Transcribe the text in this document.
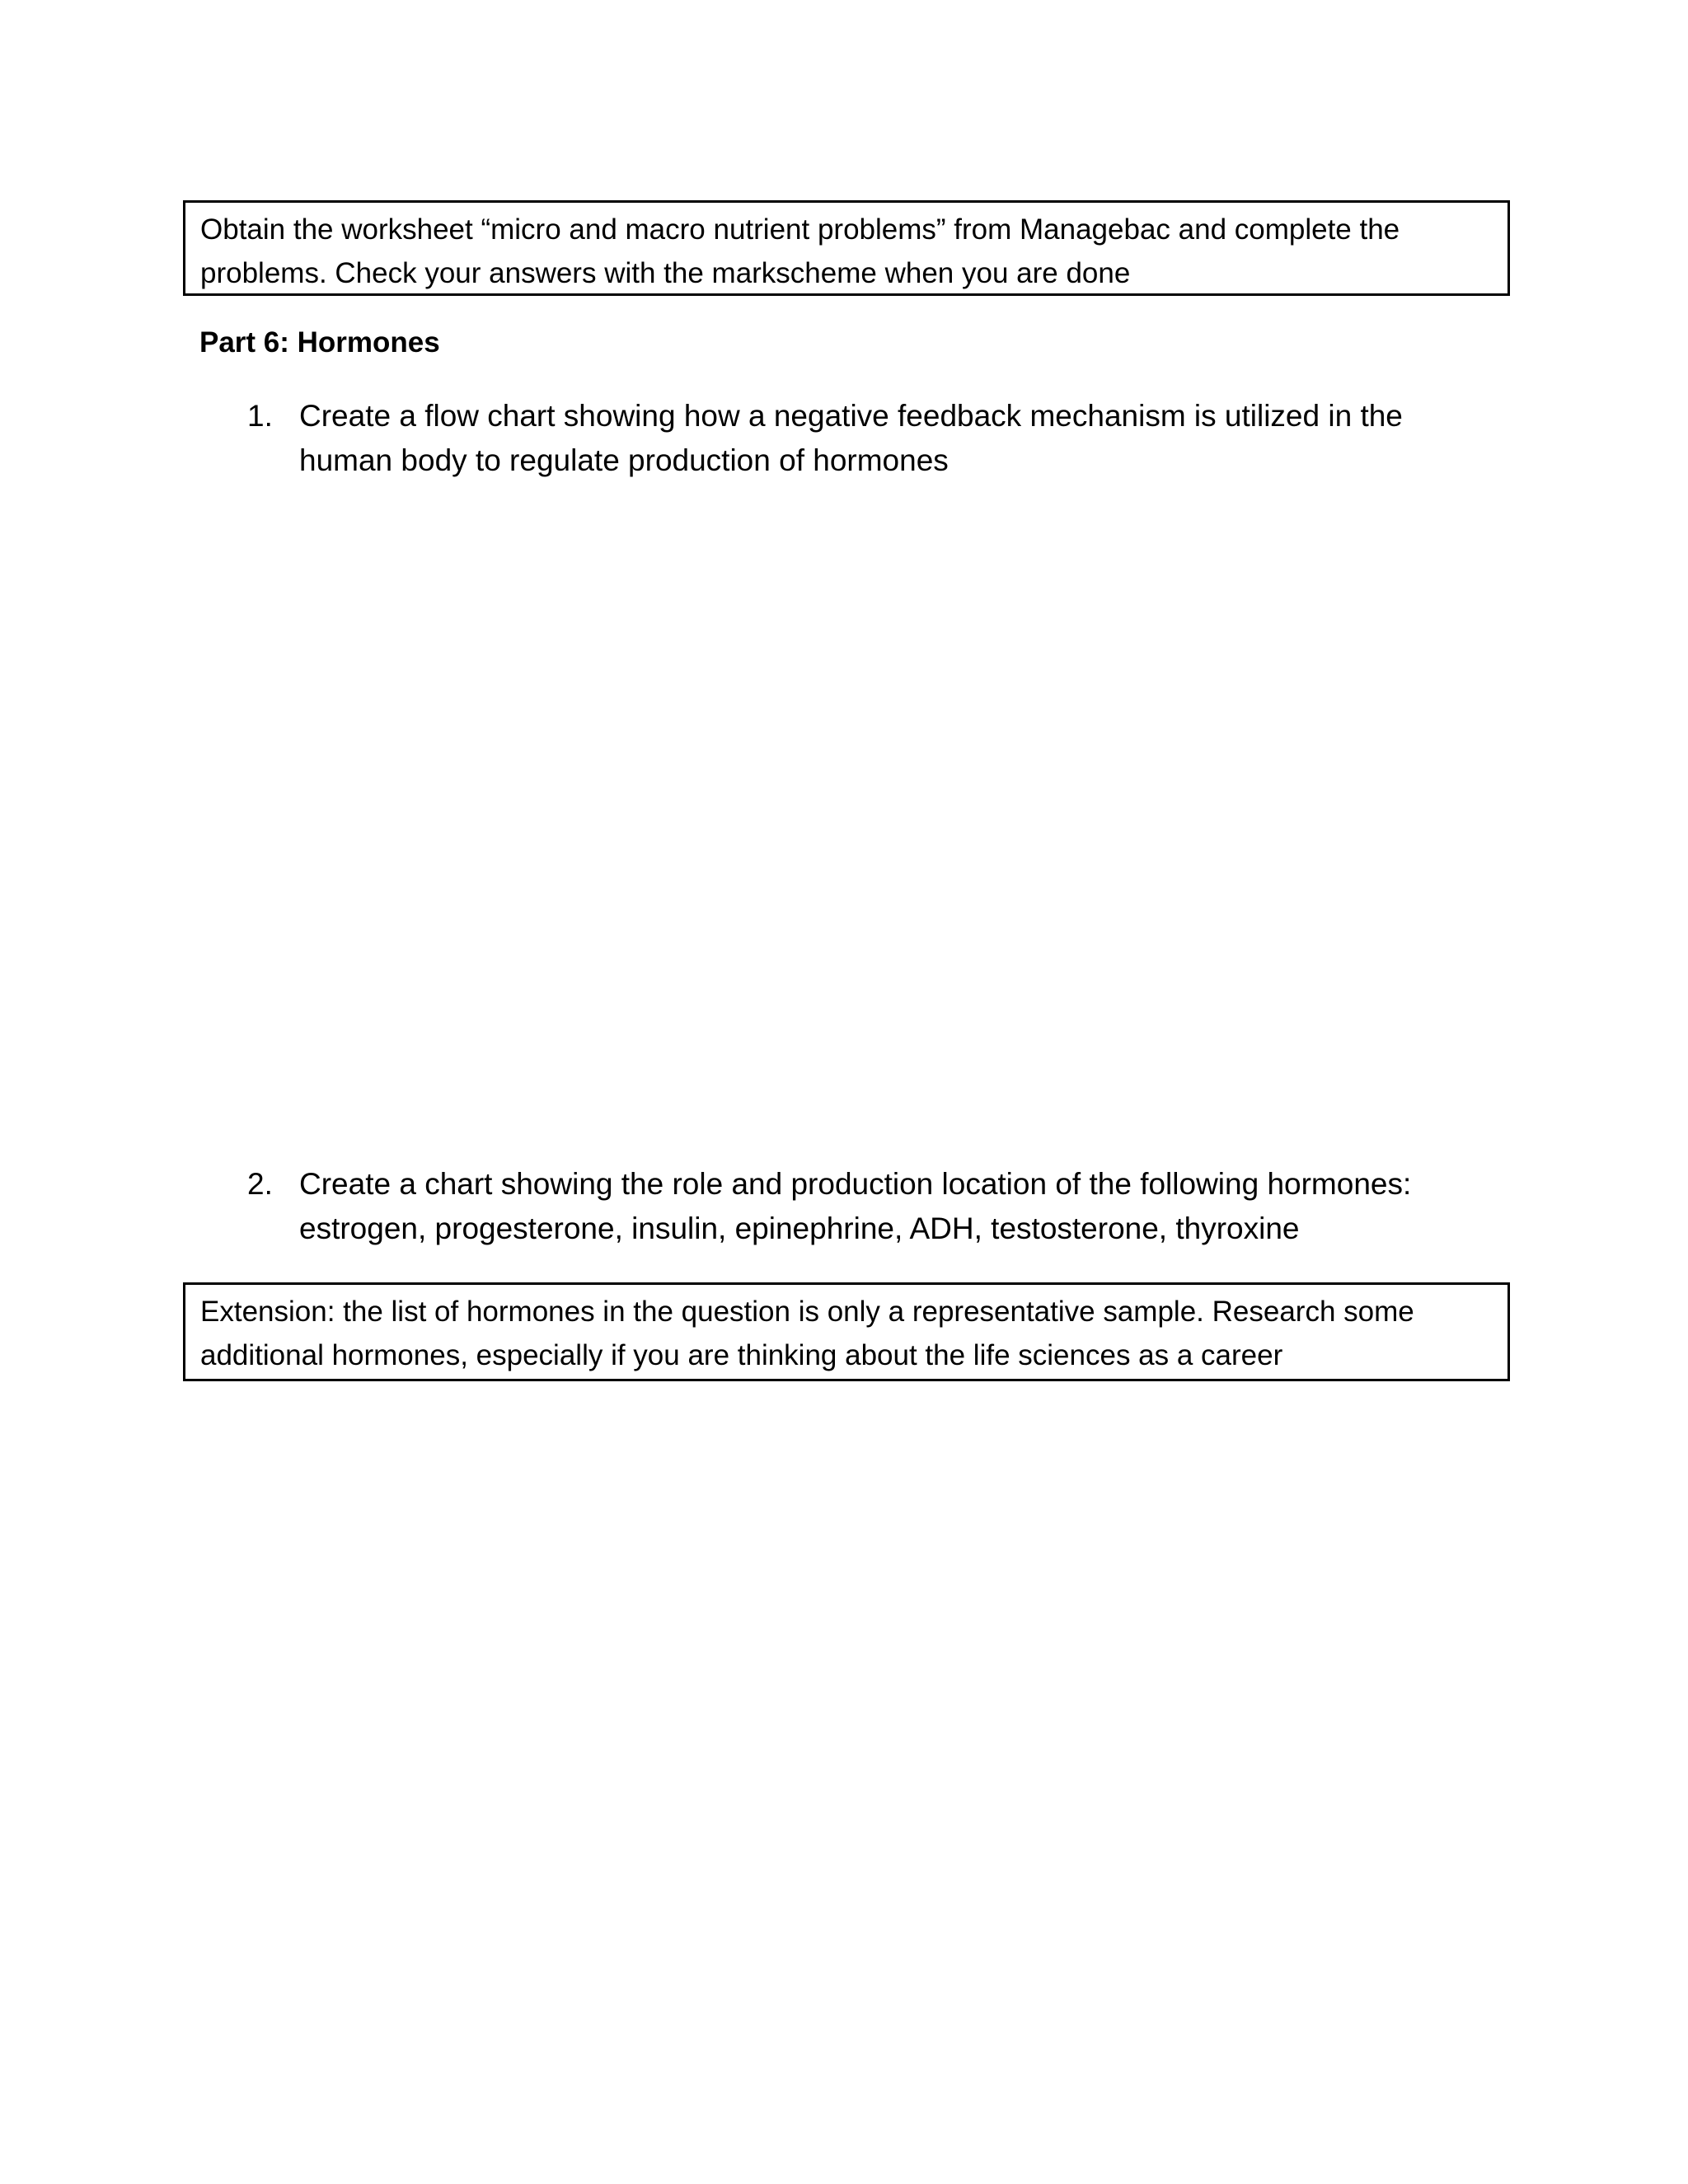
Obtain the worksheet “micro and macro nutrient problems” from Managebac and complete the problems. Check your answers with the markscheme when you are done
Part 6: Hormones
1. Create a flow chart showing how a negative feedback mechanism is utilized in the human body to regulate production of hormones
2. Create a chart showing the role and production location of the following hormones: estrogen, progesterone, insulin, epinephrine, ADH, testosterone, thyroxine
Extension: the list of hormones in the question is only a representative sample. Research some additional hormones, especially if you are thinking about the life sciences as a career
